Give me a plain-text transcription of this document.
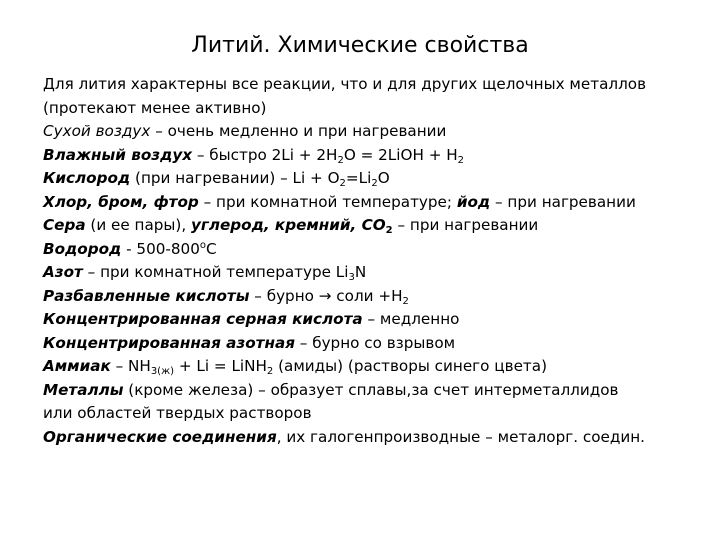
Литий. Химические свойства
Для лития характерны все реакции, что и для других щелочных металлов
(протекают менее активно)
Сухой воздух – очень медленно и при нагревании
Влажный воздух – быстро $2Li + 2H_2O$ = 2LiOH + $H_2$
Кислород (при нагревании) – $Li + O_2=Li_2O$
Хлор, бром, фтор – при комнатной температуре; йод – при нагревании
Сера (и ее пары), углерод, кремний, $CO_2$ – при нагревании
Водород - 500-800$^o$C
Азот – при комнатной температуре $Li_3N$
Разбавленные кислоты – бурно → соли $+H_2$
Концентрированная серная кислота – медленно
Концентрированная азотная – бурно со взрывом
Аммиак – $NH_{3(ж)} + Li$ = LiNH$_2$ (амиды) (растворы синего цвета)
Металлы (кроме железа) – образует сплавы,за счет интерметаллидов
или областей твердых растворов
Органические соединения, их галогенпроизводные – металорг. соедин.
